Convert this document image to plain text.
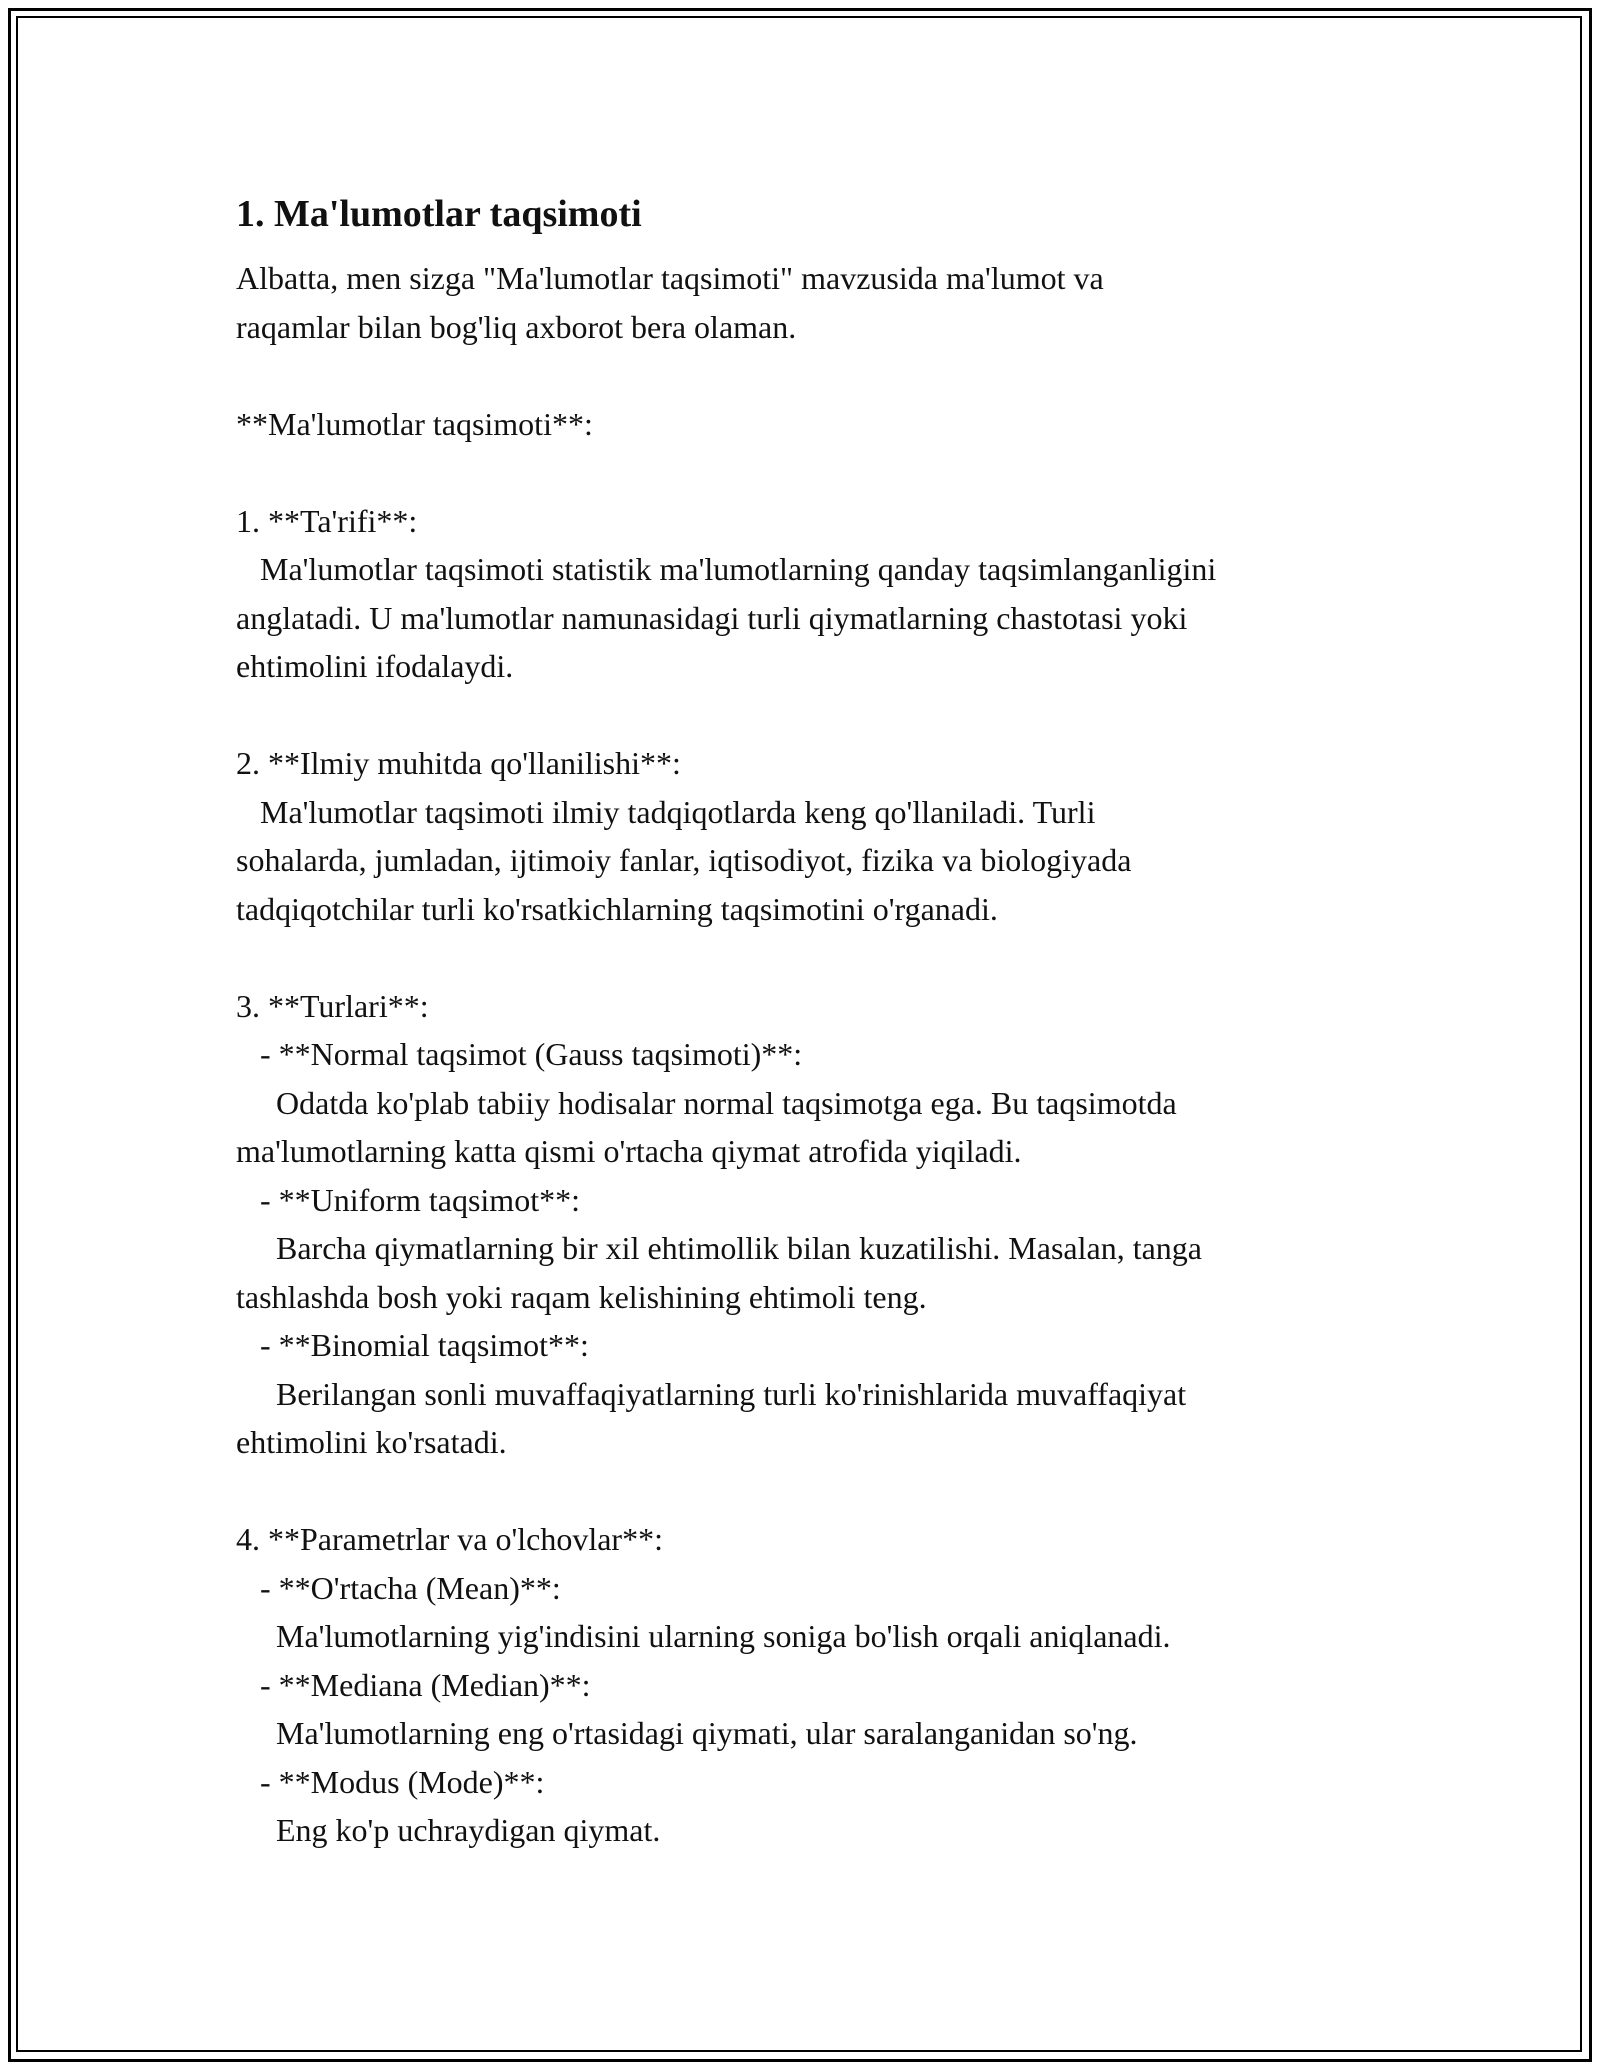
1. Ma'lumotlar taqsimoti

Albatta, men sizga "Ma'lumotlar taqsimoti" mavzusida ma'lumot va
raqamlar bilan bog'liq axborot bera olaman.

**Ma'lumotlar taqsimoti**:

1. **Ta'rifi**:
Ma'lumotlar taqsimoti statistik ma'lumotlarning qanday taqsimlanganligini
anglatadi. U ma'lumotlar namunasidagi turli qiymatlarning chastotasi yoki
ehtimolini ifodalaydi.

2. **Ilmiy muhitda qo'llanilishi**:
Ma'lumotlar taqsimoti ilmiy tadqiqotlarda keng qo'llaniladi. Turli
sohalarda, jumladan, ijtimoiy fanlar, iqtisodiyot, fizika va biologiyada
tadqiqotchilar turli ko'rsatkichlarning taqsimotini o'rganadi.

3. **Turlari**:
- **Normal taqsimot (Gauss taqsimoti)**:
Odatda ko'plab tabiiy hodisalar normal taqsimotga ega. Bu taqsimotda
ma'lumotlarning katta qismi o'rtacha qiymat atrofida yiqiladi.
- **Uniform taqsimot**:
Barcha qiymatlarning bir xil ehtimollik bilan kuzatilishi. Masalan, tanga
tashlashda bosh yoki raqam kelishining ehtimoli teng.
- **Binomial taqsimot**:
Berilangan sonli muvaffaqiyatlarning turli ko'rinishlarida muvaffaqiyat
ehtimolini ko'rsatadi.

4. **Parametrlar va o'lchovlar**:
- **O'rtacha (Mean)**:
Ma'lumotlarning yig'indisini ularning soniga bo'lish orqali aniqlanadi.
- **Mediana (Median)**:
Ma'lumotlarning eng o'rtasidagi qiymati, ular saralanganidan so'ng.
- **Modus (Mode)**:
Eng ko'p uchraydigan qiymat.
